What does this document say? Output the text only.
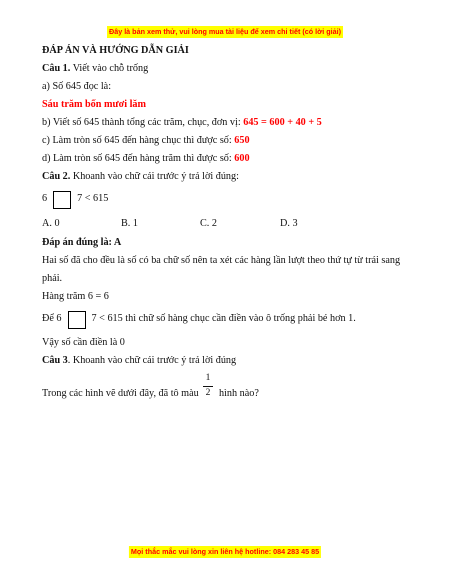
Đây là bản xem thử, vui lòng mua tài liệu để xem chi tiết (có lời giải)
ĐÁP ÁN VÀ HƯỚNG DẪN GIẢI
Câu 1. Viết vào chỗ trống
a) Số 645 đọc là:
Sáu trăm bốn mươi lăm
b) Viết số 645 thành tổng các trăm, chục, đơn vị: 645 = 600 + 40 + 5
c) Làm tròn số 645 đến hàng chục thì được số: 650
d) Làm tròn số 645 đến hàng trăm thì được số: 600
Câu 2. Khoanh vào chữ cái trước ý trả lời đúng:
6	7 < 615
A. 0	B. 1	C. 2	D. 3
Đáp án đúng là: A
Hai số đã cho đều là số có ba chữ số nên ta xét các hàng lần lượt theo thứ tự từ trái sang
phải.
Hàng trăm 6 = 6
Để 6	7 < 615 thì chữ số hàng chục cần điền vào ô trống phải bé hơn 1.
Vậy số cần điền là 0
Câu 3. Khoanh vào chữ cái trước ý trả lời đúng
Trong các hình vẽ dưới đây, đã tô màu
1
2 hình nào?
Mọi thắc mắc vui lòng xin liên hệ hotline: 084 283 45 85
